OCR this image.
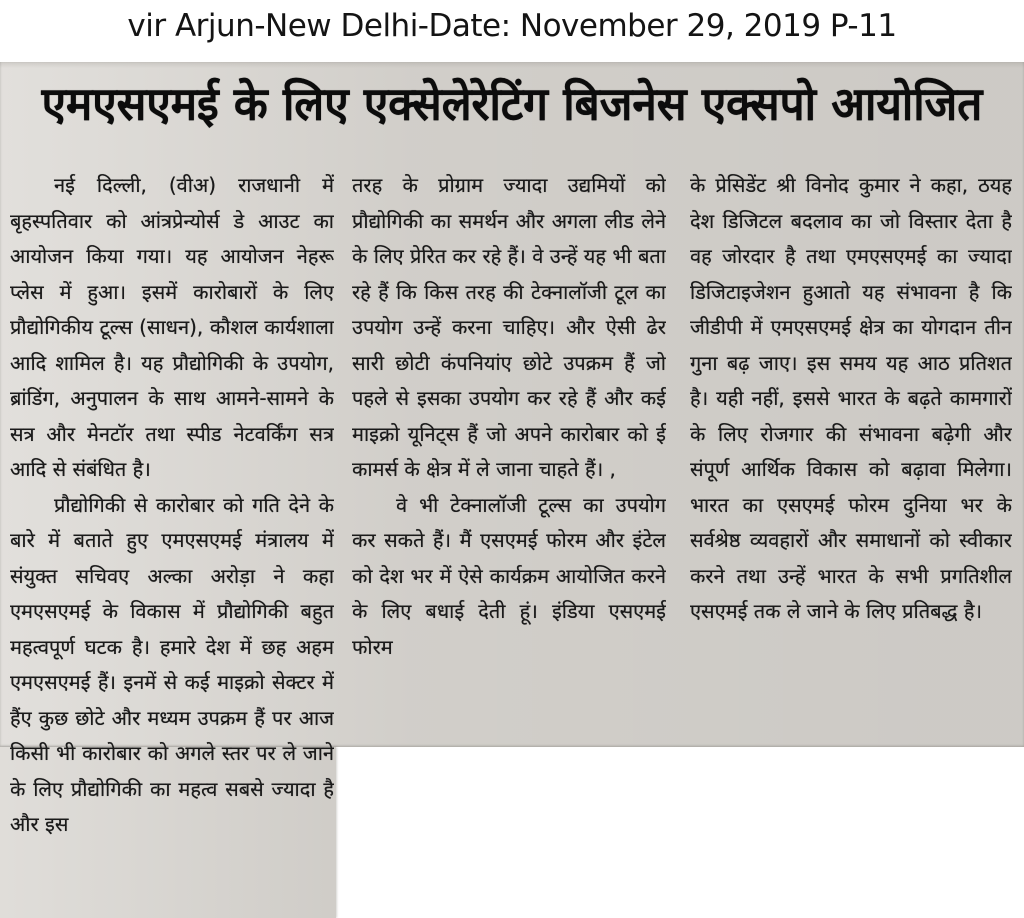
vir Arjun-New Delhi-Date: November 29, 2019 P-11
एमएसएमई के लिए एक्सेलेरेटिंग बिजनेस एक्सपो आयोजित

नई दिल्ली, (वीअ) राजधानी में बृहस्पतिवार को आंत्रप्रेन्योर्स डे आउट का आयोजन किया गया। यह आयोजन नेहरू प्लेस में हुआ। इसमें कारोबारों के लिए प्रौद्योगिकीय टूल्स (साधन), कौशल कार्यशाला आदि शामिल है। यह प्रौद्योगिकी के उपयोग, ब्रांडिंग, अनुपालन के साथ आमने-सामने के सत्र और मेनटॉर तथा स्पीड नेटवर्किंग सत्र आदि से संबंधित है।

प्रौद्योगिकी से कारोबार को गति देने के बारे में बताते हुए एमएसएमई मंत्रालय में संयुक्त सचिवए अल्का अरोड़ा ने कहा एमएसएमई के विकास में प्रौद्योगिकी बहुत महत्वपूर्ण घटक है। हमारे देश में छह अहम एमएसएमई हैं। इनमें से कई माइक्रो सेक्टर में हैंए कुछ छोटे और मध्यम उपक्रम हैं पर आज किसी भी कारोबार को अगले स्तर पर ले जाने के लिए प्रौद्योगिकी का महत्व सबसे ज्यादा है और इस

तरह के प्रोग्राम ज्यादा उद्यमियों को प्रौद्योगिकी का समर्थन और अगला लीड लेने के लिए प्रेरित कर रहे हैं। वे उन्हें यह भी बता रहे हैं कि किस तरह की टेक्नालॉजी टूल का उपयोग उन्हें करना चाहिए। और ऐसी ढेर सारी छोटी कंपनियांए छोटे उपक्रम हैं जो पहले से इसका उपयोग कर रहे हैं और कई माइक्रो यूनिट्स हैं जो अपने कारोबार को ई कामर्स के क्षेत्र में ले जाना चाहते हैं। ,

वे भी टेक्नालॉजी टूल्स का उपयोग कर सकते हैं। मैं एसएमई फोरम और इंटेल को देश भर में ऐसे कार्यक्रम आयोजित करने के लिए बधाई देती हूं। इंडिया एसएमई फोरम

के प्रेसिडेंट श्री विनोद कुमार ने कहा, ठयह देश डिजिटल बदलाव का जो विस्तार देता है वह जोरदार है तथा एमएसएमई का ज्यादा डिजिटाइजेशन हुआतो यह संभावना है कि जीडीपी में एमएसएमई क्षेत्र का योगदान तीन गुना बढ़ जाए। इस समय यह आठ प्रतिशत है। यही नहीं, इससे भारत के बढ़ते कामगारों के लिए रोजगार की संभावना बढ़ेगी और संपूर्ण आर्थिक विकास को बढ़ावा मिलेगा। भारत का एसएमई फोरम दुनिया भर के सर्वश्रेष्ठ व्यवहारों और समाधानों को स्वीकार करने तथा उन्हें भारत के सभी प्रगतिशील एसएमई तक ले जाने के लिए प्रतिबद्ध है।
